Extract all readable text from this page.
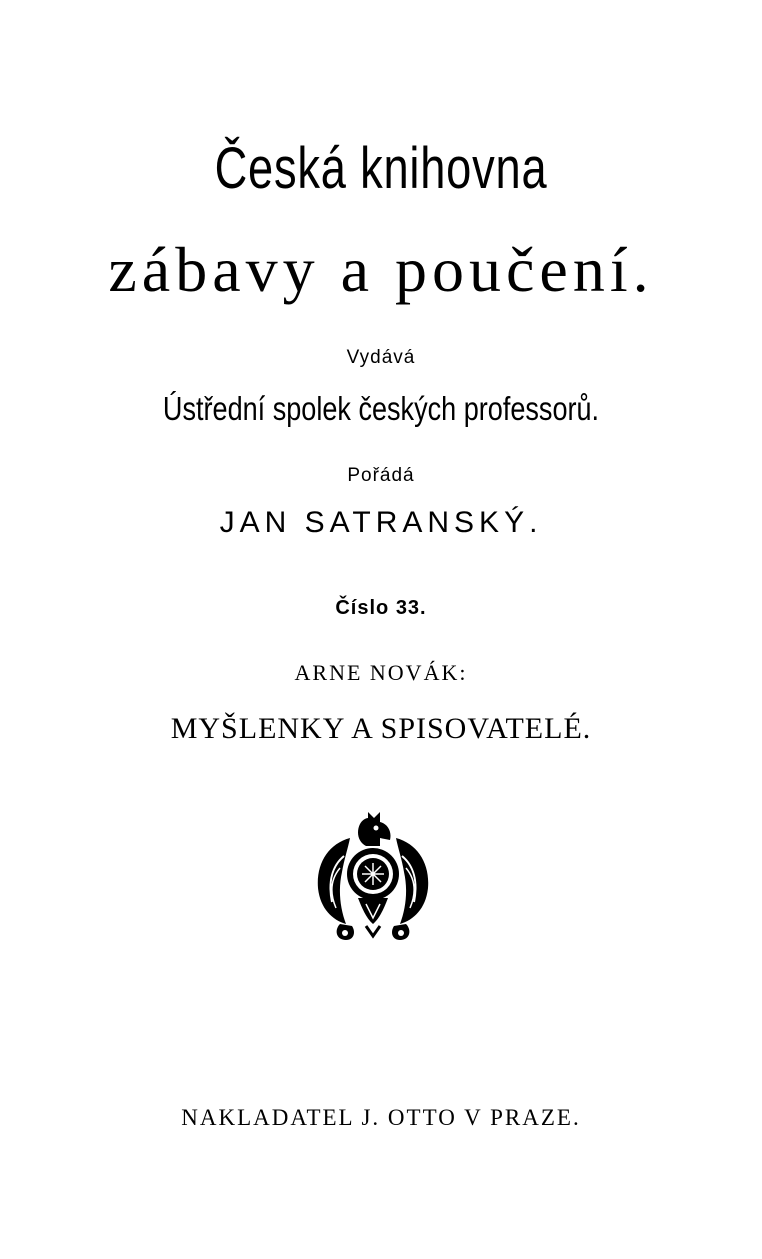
Česká knihovna
zábavy a poučení.
Vydává
Ústřední spolek českých professorů.
Pořádá
JAN SATRANSKÝ.
Číslo 33.
ARNE NOVÁK:
MYŠLENKY A SPISOVATELÉ.
NAKLADATEL J. OTTO V PRAZE.
